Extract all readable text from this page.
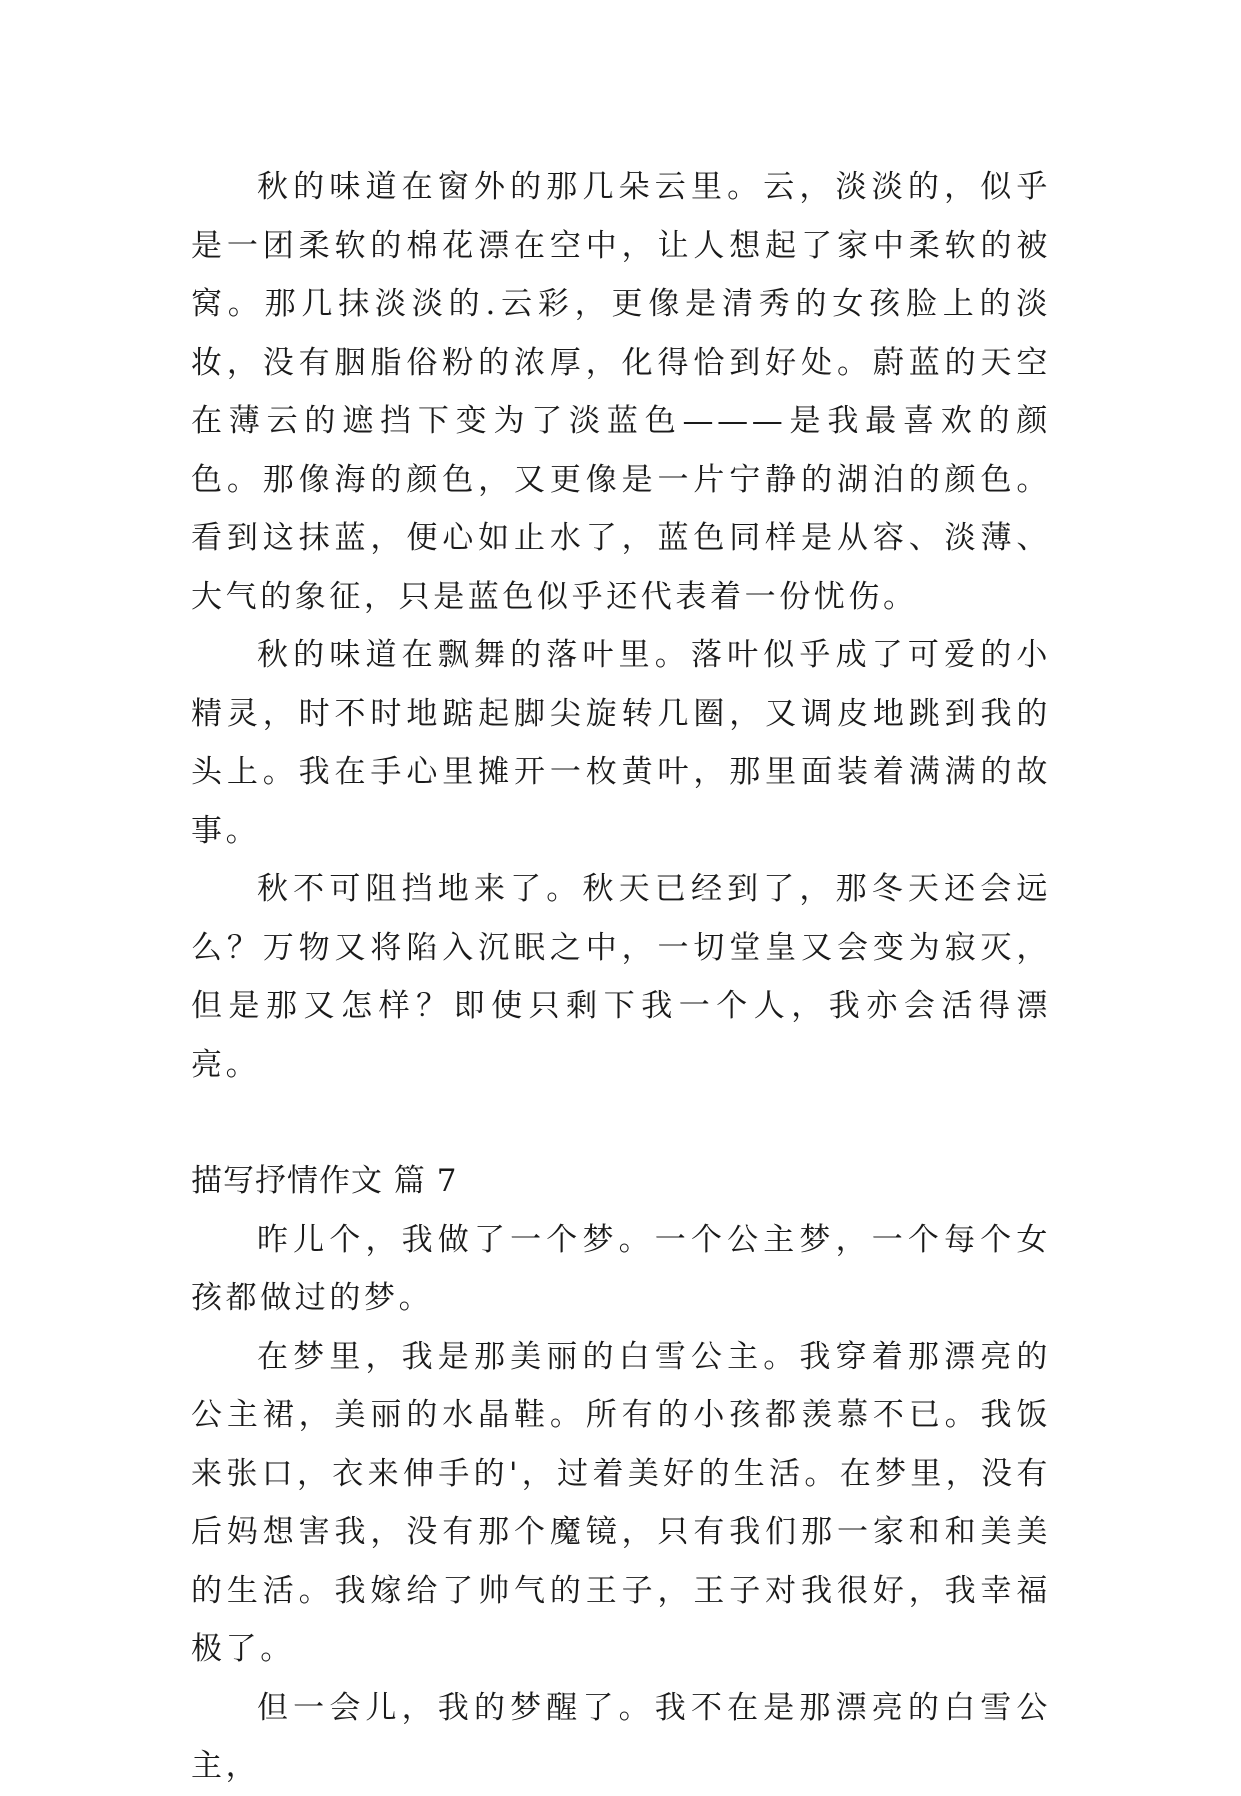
秋的味道在窗外的那几朵云里。云，淡淡的，似乎是一团柔软的棉花漂在空中，让人想起了家中柔软的被窝。那几抹淡淡的.云彩，更像是清秀的女孩脸上的淡妆，没有胭脂俗粉的浓厚，化得恰到好处。蔚蓝的天空在薄云的遮挡下变为了淡蓝色———是我最喜欢的颜色。那像海的颜色，又更像是一片宁静的湖泊的颜色。看到这抹蓝，便心如止水了，蓝色同样是从容、淡薄、大气的象征，只是蓝色似乎还代表着一份忧伤。

秋的味道在飘舞的落叶里。落叶似乎成了可爱的小精灵，时不时地踮起脚尖旋转几圈，又调皮地跳到我的头上。我在手心里摊开一枚黄叶，那里面装着满满的故事。

秋不可阻挡地来了。秋天已经到了，那冬天还会远么？万物又将陷入沉眠之中，一切堂皇又会变为寂灭，但是那又怎样？即使只剩下我一个人，我亦会活得漂亮。

描写抒情作文 篇 7

昨儿个，我做了一个梦。一个公主梦，一个每个女孩都做过的梦。

在梦里，我是那美丽的白雪公主。我穿着那漂亮的公主裙，美丽的水晶鞋。所有的小孩都羡慕不已。我饭来张口，衣来伸手的'，过着美好的生活。在梦里，没有后妈想害我，没有那个魔镜，只有我们那一家和和美美的生活。我嫁给了帅气的王子，王子对我很好，我幸福极了。

但一会儿，我的梦醒了。我不在是那漂亮的白雪公主，
